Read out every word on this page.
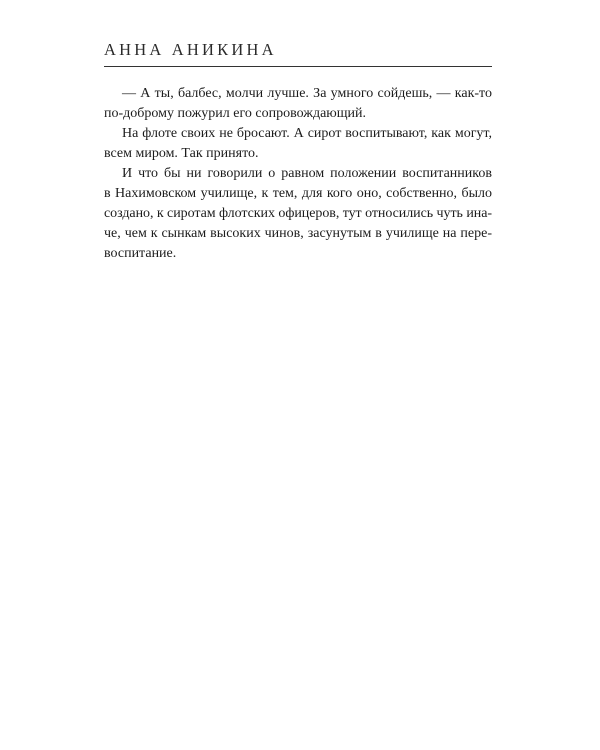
АННА АНИКИНА

— А ты, балбес, молчи лучше. За умного сойдешь, — как-то
по-доброму пожурил его сопровождающий.

На флоте своих не бросают. А сирот воспитывают, как могут,
всем миром. Так принято.

И что бы ни говорили о равном положении воспитанников
в Нахимовском училище, к тем, для кого оно, собственно, было
создано, к сиротам флотских офицеров, тут относились чуть ина-
че, чем к сынкам высоких чинов, засунутым в училище на пере-
воспитание.
